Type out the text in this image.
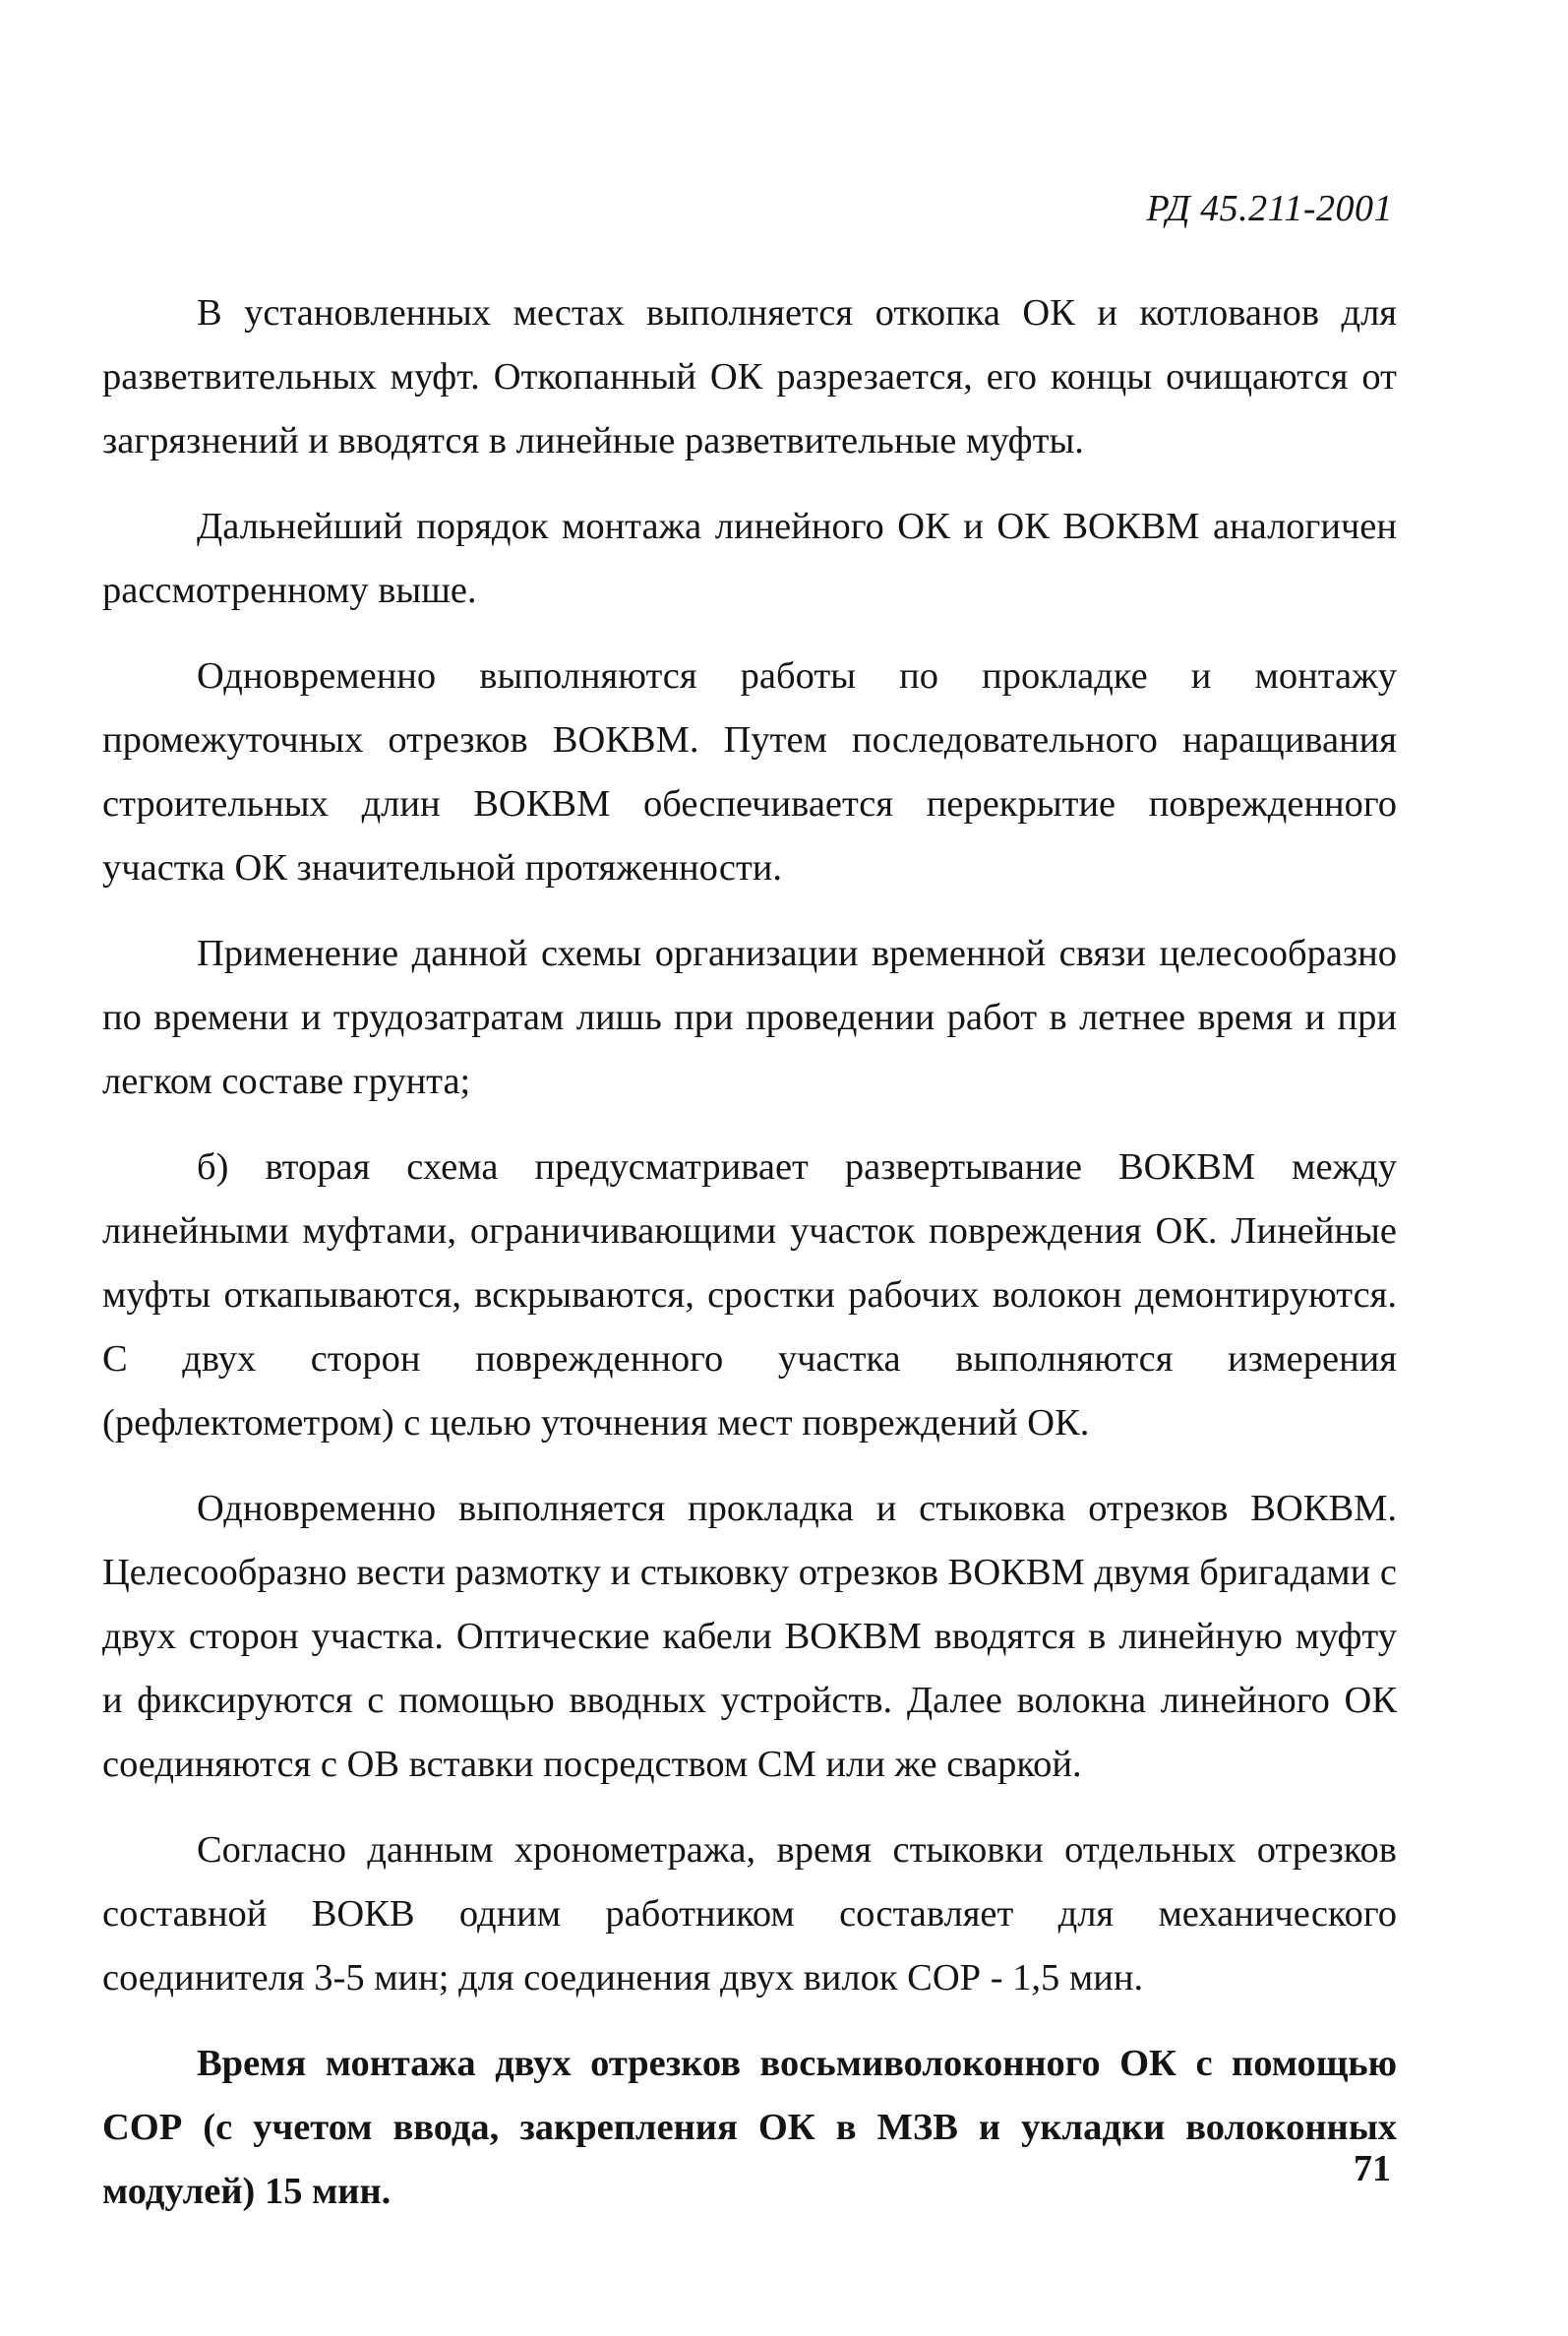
РД 45.211-2001

В установленных местах выполняется откопка ОК и котлованов для разветвительных муфт. Откопанный ОК разрезается, его концы очищаются от загрязнений и вводятся в линейные разветвительные муфты.

Дальнейший порядок монтажа линейного ОК и ОК ВОКВМ аналогичен рассмотренному выше.

Одновременно выполняются работы по прокладке и монтажу промежуточных отрезков ВОКВМ. Путем последовательного наращивания строительных длин ВОКВМ обеспечивается перекрытие поврежденного участка ОК значительной протяженности.

Применение данной схемы организации временной связи целесообразно по времени и трудозатратам лишь при проведении работ в летнее время и при легком составе грунта;

б) вторая схема предусматривает развертывание ВОКВМ между линейными муфтами, ограничивающими участок повреждения ОК. Линейные муфты откапываются, вскрываются, сростки рабочих волокон демонтируются. С двух сторон поврежденного участка выполняются измерения (рефлектометром) с целью уточнения мест повреждений ОК.

Одновременно выполняется прокладка и стыковка отрезков ВОКВМ. Целесообразно вести размотку и стыковку отрезков ВОКВМ двумя бригадами с двух сторон участка. Оптические кабели ВОКВМ вводятся в линейную муфту и фиксируются с помощью вводных устройств. Далее волокна линейного ОК соединяются с ОВ вставки посредством СМ или же сваркой.

Согласно данным хронометража, время стыковки отдельных отрезков составной ВОКВ одним работником составляет для механического соединителя 3-5 мин; для соединения двух вилок СОР - 1,5 мин.

Время монтажа двух отрезков восьмиволоконного ОК с помощью СОР (с учетом ввода, закрепления ОК в МЗВ и укладки волоконных модулей) 15 мин.

71
